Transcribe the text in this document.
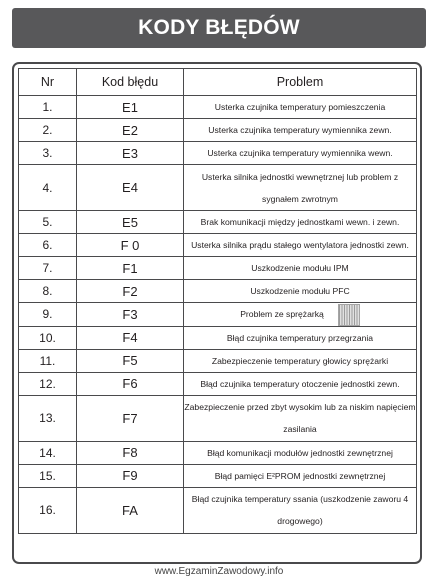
KODY BŁĘDÓW
Nr	Kod błędu	Problem
1.	E1	Usterka czujnika temperatury pomieszczenia
2.	E2	Usterka czujnika temperatury wymiennika zewn.
3.	E3	Usterka czujnika temperatury wymiennika wewn.
4.	E4	Usterka silnika jednostki wewnętrznej lub problem z sygnałem zwrotnym
5.	E5	Brak komunikacji między jednostkami wewn. i zewn.
6.	F 0	Usterka silnika prądu stałego wentylatora jednostki zewn.
7.	F1	Uszkodzenie modułu IPM
8.	F2	Uszkodzenie modułu PFC
9.	F3	Problem ze sprężarką
10.	F4	Błąd czujnika temperatury przegrzania
11.	F5	Zabezpieczenie temperatury głowicy sprężarki
12.	F6	Błąd czujnika temperatury otoczenie jednostki zewn.
13.	F7	Zabezpieczenie przed zbyt wysokim lub za niskim napięciem zasilania
14.	F8	Błąd komunikacji modułów jednostki zewnętrznej
15.	F9	Błąd pamięci E²PROM jednostki zewnętrznej
16.	FA	Błąd czujnika temperatury ssania (uszkodzenie zaworu 4 drogowego)
www.EgzaminZawodowy.info
